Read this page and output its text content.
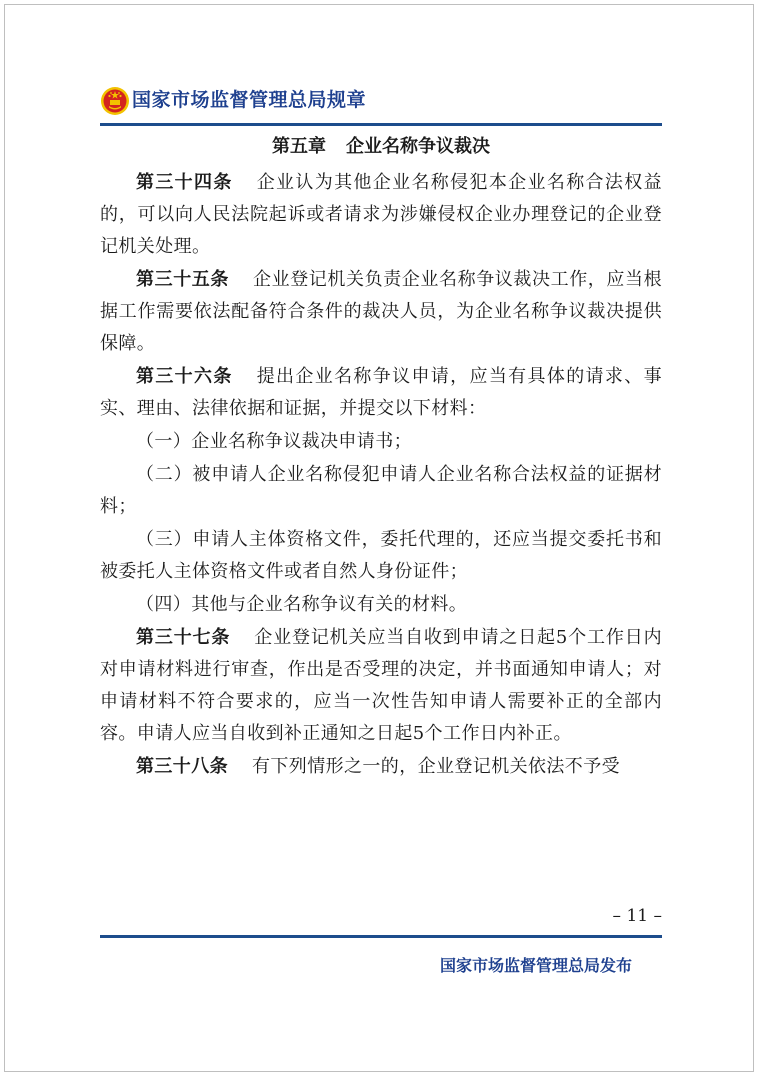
国家市场监督管理总局规章
第五章 企业名称争议裁决

第三十四条 企业认为其他企业名称侵犯本企业名称合法权益的，可以向人民法院起诉或者请求为涉嫌侵权企业办理登记的企业登记机关处理。

第三十五条 企业登记机关负责企业名称争议裁决工作，应当根据工作需要依法配备符合条件的裁决人员，为企业名称争议裁决提供保障。

第三十六条 提出企业名称争议申请，应当有具体的请求、事实、理由、法律依据和证据，并提交以下材料：

（一）企业名称争议裁决申请书；

（二）被申请人企业名称侵犯申请人企业名称合法权益的证据材料；

（三）申请人主体资格文件，委托代理的，还应当提交委托书和被委托人主体资格文件或者自然人身份证件；

（四）其他与企业名称争议有关的材料。

第三十七条 企业登记机关应当自收到申请之日起5个工作日内对申请材料进行审查，作出是否受理的决定，并书面通知申请人；对申请材料不符合要求的，应当一次性告知申请人需要补正的全部内容。申请人应当自收到补正通知之日起5个工作日内补正。

第三十八条 有下列情形之一的，企业登记机关依法不予受

– 11 –
国家市场监督管理总局发布
